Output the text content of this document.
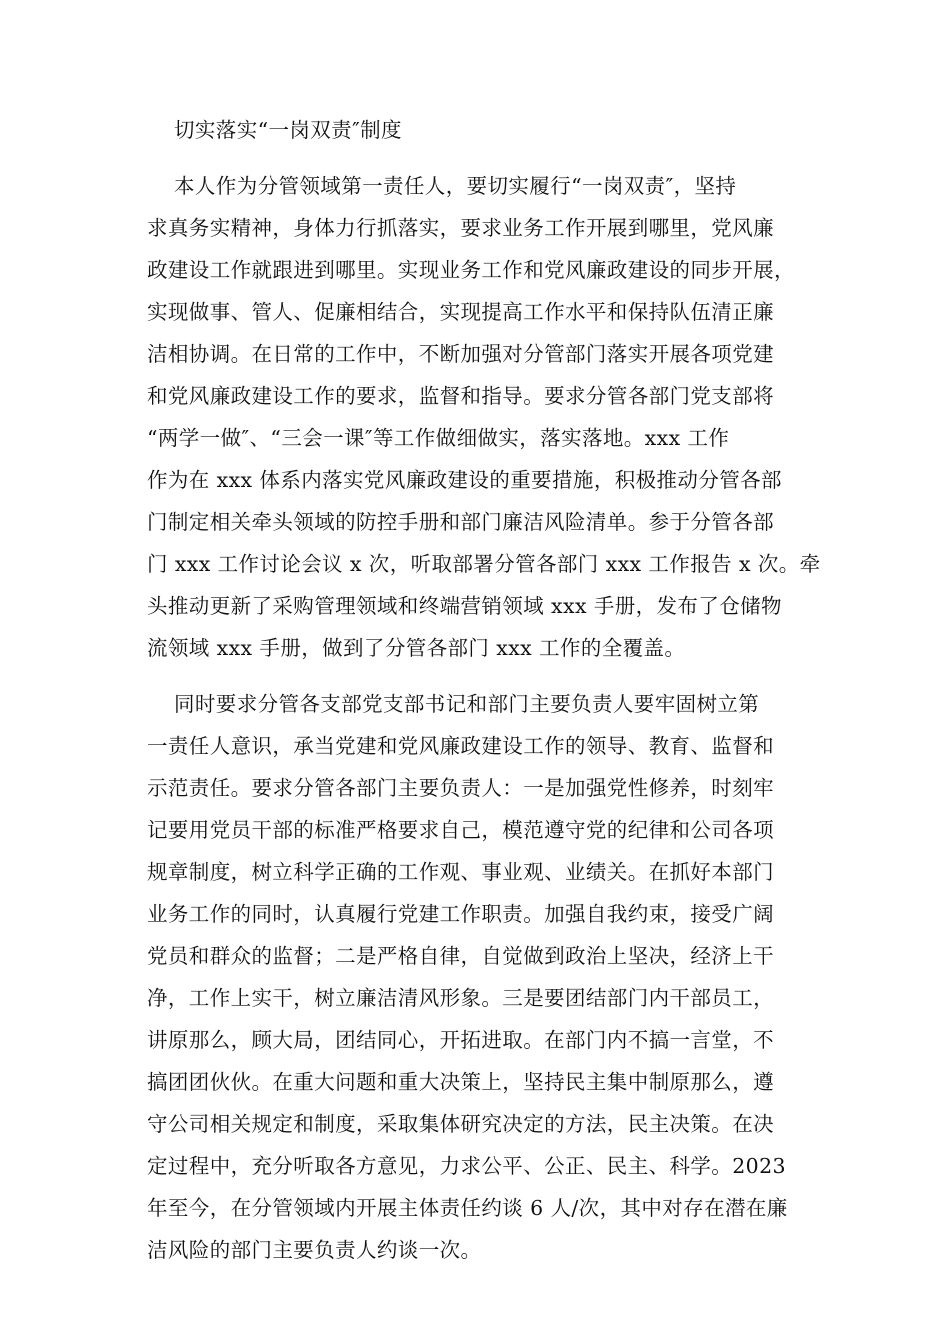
切实落实“一岗双责″制度
本人作为分管领域第一责任人，要切实履行“一岗双责″，坚持
求真务实精神，身体力行抓落实，要求业务工作开展到哪里，党风廉
政建设工作就跟进到哪里。实现业务工作和党风廉政建设的同步开展，
实现做事、管人、促廉相结合，实现提高工作水平和保持队伍清正廉
洁相协调。在日常的工作中，不断加强对分管部门落实开展各项党建
和党风廉政建设工作的要求，监督和指导。要求分管各部门党支部将
“两学一做″、“三会一课″等工作做细做实，落实落地。xxx 工作
作为在 xxx 体系内落实党风廉政建设的重要措施，积极推动分管各部
门制定相关牵头领域的防控手册和部门廉洁风险清单。参于分管各部
门 xxx 工作讨论会议 x 次，听取部署分管各部门 xxx 工作报告 x 次。牵
头推动更新了采购管理领域和终端营销领域 xxx 手册，发布了仓储物
流领域 xxx 手册，做到了分管各部门 xxx 工作的全覆盖。
同时要求分管各支部党支部书记和部门主要负责人要牢固树立第
一责任人意识，承当党建和党风廉政建设工作的领导、教育、监督和
示范责任。要求分管各部门主要负责人：一是加强党性修养，时刻牢
记要用党员干部的标准严格要求自己，模范遵守党的纪律和公司各项
规章制度，树立科学正确的工作观、事业观、业绩关。在抓好本部门
业务工作的同时，认真履行党建工作职责。加强自我约束，接受广阔
党员和群众的监督；二是严格自律，自觉做到政治上坚决，经济上干
净，工作上实干，树立廉洁清风形象。三是要团结部门内干部员工，
讲原那么，顾大局，团结同心，开拓进取。在部门内不搞一言堂，不
搞团团伙伙。在重大问题和重大决策上，坚持民主集中制原那么，遵
守公司相关规定和制度，采取集体研究决定的方法，民主决策。在决
定过程中，充分听取各方意见，力求公平、公正、民主、科学。2023
年至今，在分管领域内开展主体责任约谈 6 人/次，其中对存在潜在廉
洁风险的部门主要负责人约谈一次。
